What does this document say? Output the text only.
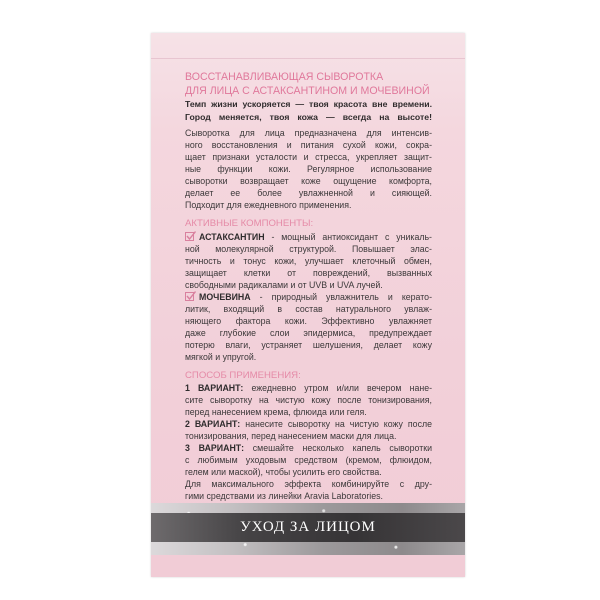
УХОД ЗА ЛИЦОМ
ВОССТАНАВЛИВАЮЩАЯ СЫВОРОТКА
ДЛЯ ЛИЦА С АСТАКСАНТИНОМ И МОЧЕВИНОЙ
Темп жизни ускоряется — твоя красота вне времени.
Город меняется, твоя кожа — всегда на высоте!
Сыворотка для лица предназначена для интенсив-
ного восстановления и питания сухой кожи, сокра-
щает признаки усталости и стресса, укрепляет защит-
ные функции кожи. Регулярное использование
сыворотки возвращает коже ощущение комфорта,
делает ее более увлажненной и сияющей.
Подходит для ежедневного применения.
АКТИВНЫЕ КОМПОНЕНТЫ:
АСТАКСАНТИН - мощный антиоксидант с уникаль-
ной молекулярной структурой. Повышает элас-
тичность и тонус кожи, улучшает клеточный обмен,
защищает клетки от повреждений, вызванных
свободными радикалами и от UVB и UVA лучей.
МОЧЕВИНА - природный увлажнитель и керато-
литик, входящий в состав натурального увлаж-
няющего фактора кожи. Эффективно увлажняет
даже глубокие слои эпидермиса, предупреждает
потерю влаги, устраняет шелушения, делает кожу
мягкой и упругой.
СПОСОБ ПРИМЕНЕНИЯ:
1 ВАРИАНТ: ежедневно утром и/или вечером нане-
сите сыворотку на чистую кожу после тонизирования,
перед нанесением крема, флюида или геля.
2 ВАРИАНТ: нанесите сыворотку на чистую кожу после
тонизирования, перед нанесением маски для лица.
3 ВАРИАНТ: смешайте несколько капель сыворотки
с любимым уходовым средством (кремом, флюидом,
гелем или маской), чтобы усилить его свойства.
Для максимального эффекта комбинируйте с дру-
гими средствами из линейки Aravia Laboratories.
